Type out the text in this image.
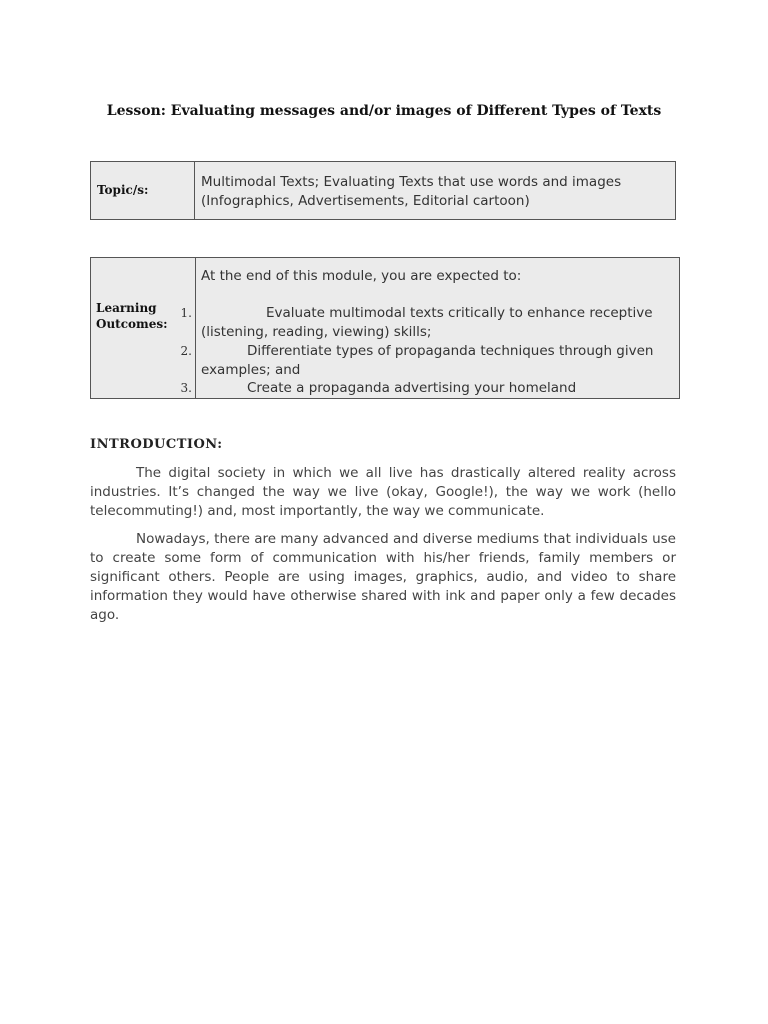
Lesson: Evaluating messages and/or images of Different Types of Texts
Topic/s:	Multimodal Texts; Evaluating Texts that use words and images
(Infographics, Advertisements, Editorial cartoon)
Learning
Outcomes:
1.
2.
3.
At the end of this module, you are expected to:
Evaluate multimodal texts critically to enhance receptive
(listening, reading, viewing) skills;
Differentiate types of propaganda techniques through given
examples; and
Create a propaganda advertising your homeland
INTRODUCTION:

The digital society in which we all live has drastically altered reality across industries. It’s changed the way we live (okay, Google!), the way we work (hello telecommuting!) and, most importantly, the way we communicate.

Nowadays, there are many advanced and diverse mediums that individuals use to create some form of communication with his/her friends, family members or significant others. People are using images, graphics, audio, and video to share information they would have otherwise shared with ink and paper only a few decades ago.
